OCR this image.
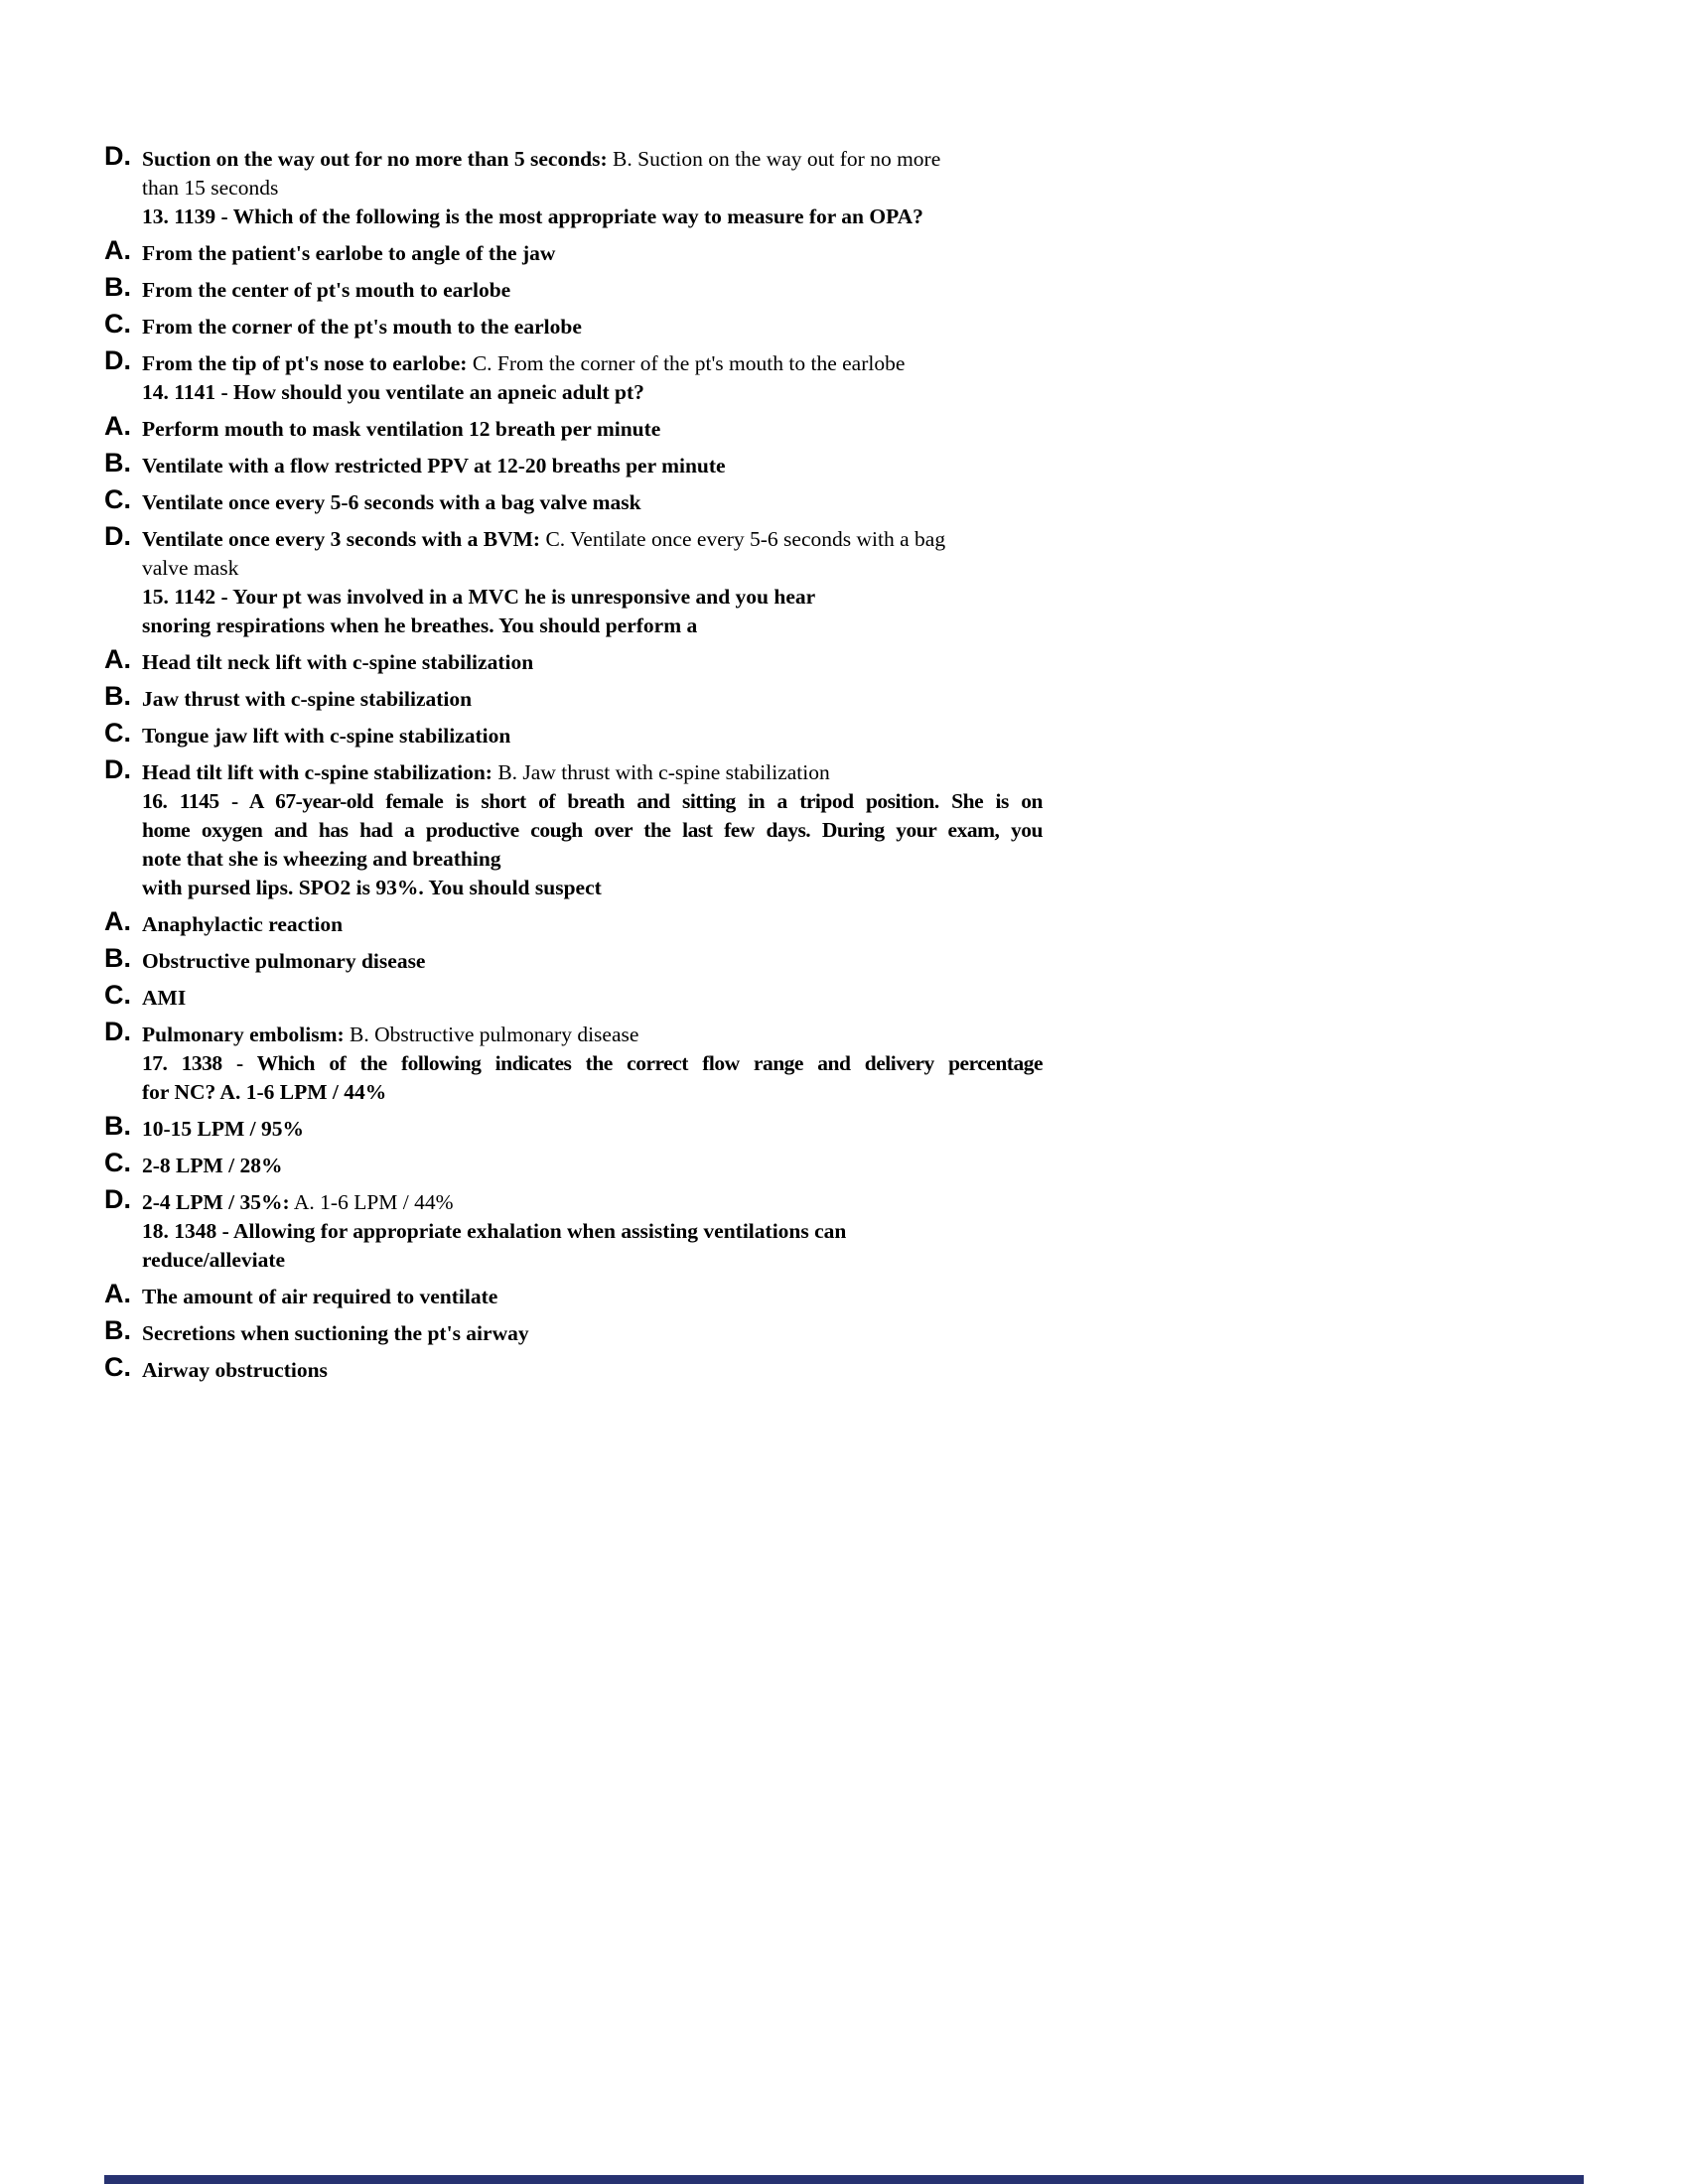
D. Suction on the way out for no more than 5 seconds: B. Suction on the way out for no more
than 15 seconds
13. 1139 - Which of the following is the most appropriate way to measure for an OPA?
A. From the patient's earlobe to angle of the jaw
B. From the center of pt's mouth to earlobe
C. From the corner of the pt's mouth to the earlobe
D. From the tip of pt's nose to earlobe: C. From the corner of the pt's mouth to the earlobe
14. 1141 - How should you ventilate an apneic adult pt?
A. Perform mouth to mask ventilation 12 breath per minute
B. Ventilate with a flow restricted PPV at 12-20 breaths per minute
C. Ventilate once every 5-6 seconds with a bag valve mask
D. Ventilate once every 3 seconds with a BVM: C. Ventilate once every 5-6 seconds with a bag
valve mask
15. 1142 - Your pt was involved in a MVC he is unresponsive and you hear
snoring respirations when he breathes. You should perform a
A. Head tilt neck lift with c-spine stabilization
B. Jaw thrust with c-spine stabilization
C. Tongue jaw lift with c-spine stabilization
D. Head tilt lift with c-spine stabilization: B. Jaw thrust with c-spine stabilization
16. 1145 - A 67-year-old female is short of breath and sitting in a tripod position. She is on
home oxygen and has had a productive cough over the last few days. During your exam, you
note that she is wheezing and breathing
with pursed lips. SPO2 is 93%. You should suspect
A. Anaphylactic reaction
B. Obstructive pulmonary disease
C. AMI
D. Pulmonary embolism: B. Obstructive pulmonary disease
17. 1338 - Which of the following indicates the correct flow range and delivery percentage
for NC? A. 1-6 LPM / 44%
B. 10-15 LPM / 95%
C. 2-8 LPM / 28%
D. 2-4 LPM / 35%: A. 1-6 LPM / 44%
18. 1348 - Allowing for appropriate exhalation when assisting ventilations can
reduce/alleviate
A. The amount of air required to ventilate
B. Secretions when suctioning the pt's airway
C. Airway obstructions
